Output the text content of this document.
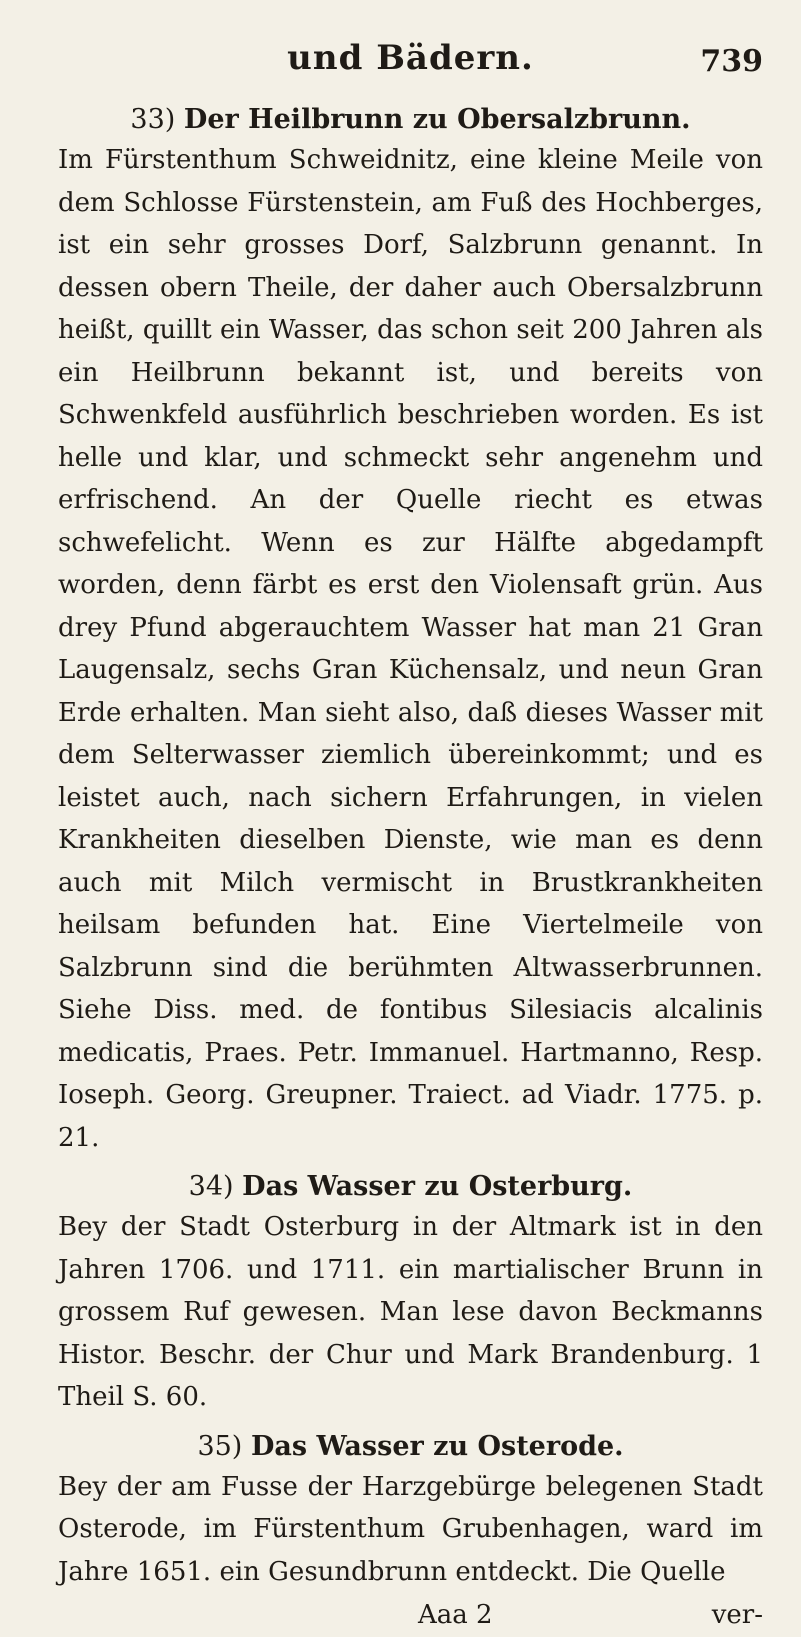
und Bädern.	739
33) Der Heilbrunn zu Obersalzbrunn.

Im Fürstenthum Schweidnitz, eine kleine Meile von dem Schlosse Fürstenstein, am Fuß des Hochberges, ist ein sehr grosses Dorf, Salzbrunn genannt. In dessen obern Theile, der daher auch Obersalzbrunn heißt, quillt ein Wasser, das schon seit 200 Jahren als ein Heilbrunn bekannt ist, und bereits von Schwenkfeld ausführlich beschrieben worden. Es ist helle und klar, und schmeckt sehr angenehm und erfrischend. An der Quelle riecht es etwas schwefelicht. Wenn es zur Hälfte abgedampft worden, denn färbt es erst den Violensaft grün. Aus drey Pfund abgerauchtem Wasser hat man 21 Gran Laugensalz, sechs Gran Küchensalz, und neun Gran Erde erhalten. Man sieht also, daß dieses Wasser mit dem Selterwasser ziemlich übereinkommt; und es leistet auch, nach sichern Erfahrungen, in vielen Krankheiten dieselben Dienste, wie man es denn auch mit Milch vermischt in Brustkrankheiten heilsam befunden hat. Eine Viertelmeile von Salzbrunn sind die berühmten Altwasserbrunnen. Siehe Diss. med. de fontibus Silesiacis alcalinis medicatis, Praes. Petr. Immanuel. Hartmanno, Resp. Ioseph. Georg. Greupner. Traiect. ad Viadr. 1775. p. 21.

34) Das Wasser zu Osterburg.

Bey der Stadt Osterburg in der Altmark ist in den Jahren 1706. und 1711. ein martialischer Brunn in grossem Ruf gewesen. Man lese davon Beckmanns Histor. Beschr. der Chur und Mark Brandenburg. 1 Theil S. 60.

35) Das Wasser zu Osterode.

Bey der am Fusse der Harzgebürge belegenen Stadt Osterode, im Fürstenthum Grubenhagen, ward im Jahre 1651. ein Gesundbrunn entdeckt. Die Quelle

Aaa 2	ver-
